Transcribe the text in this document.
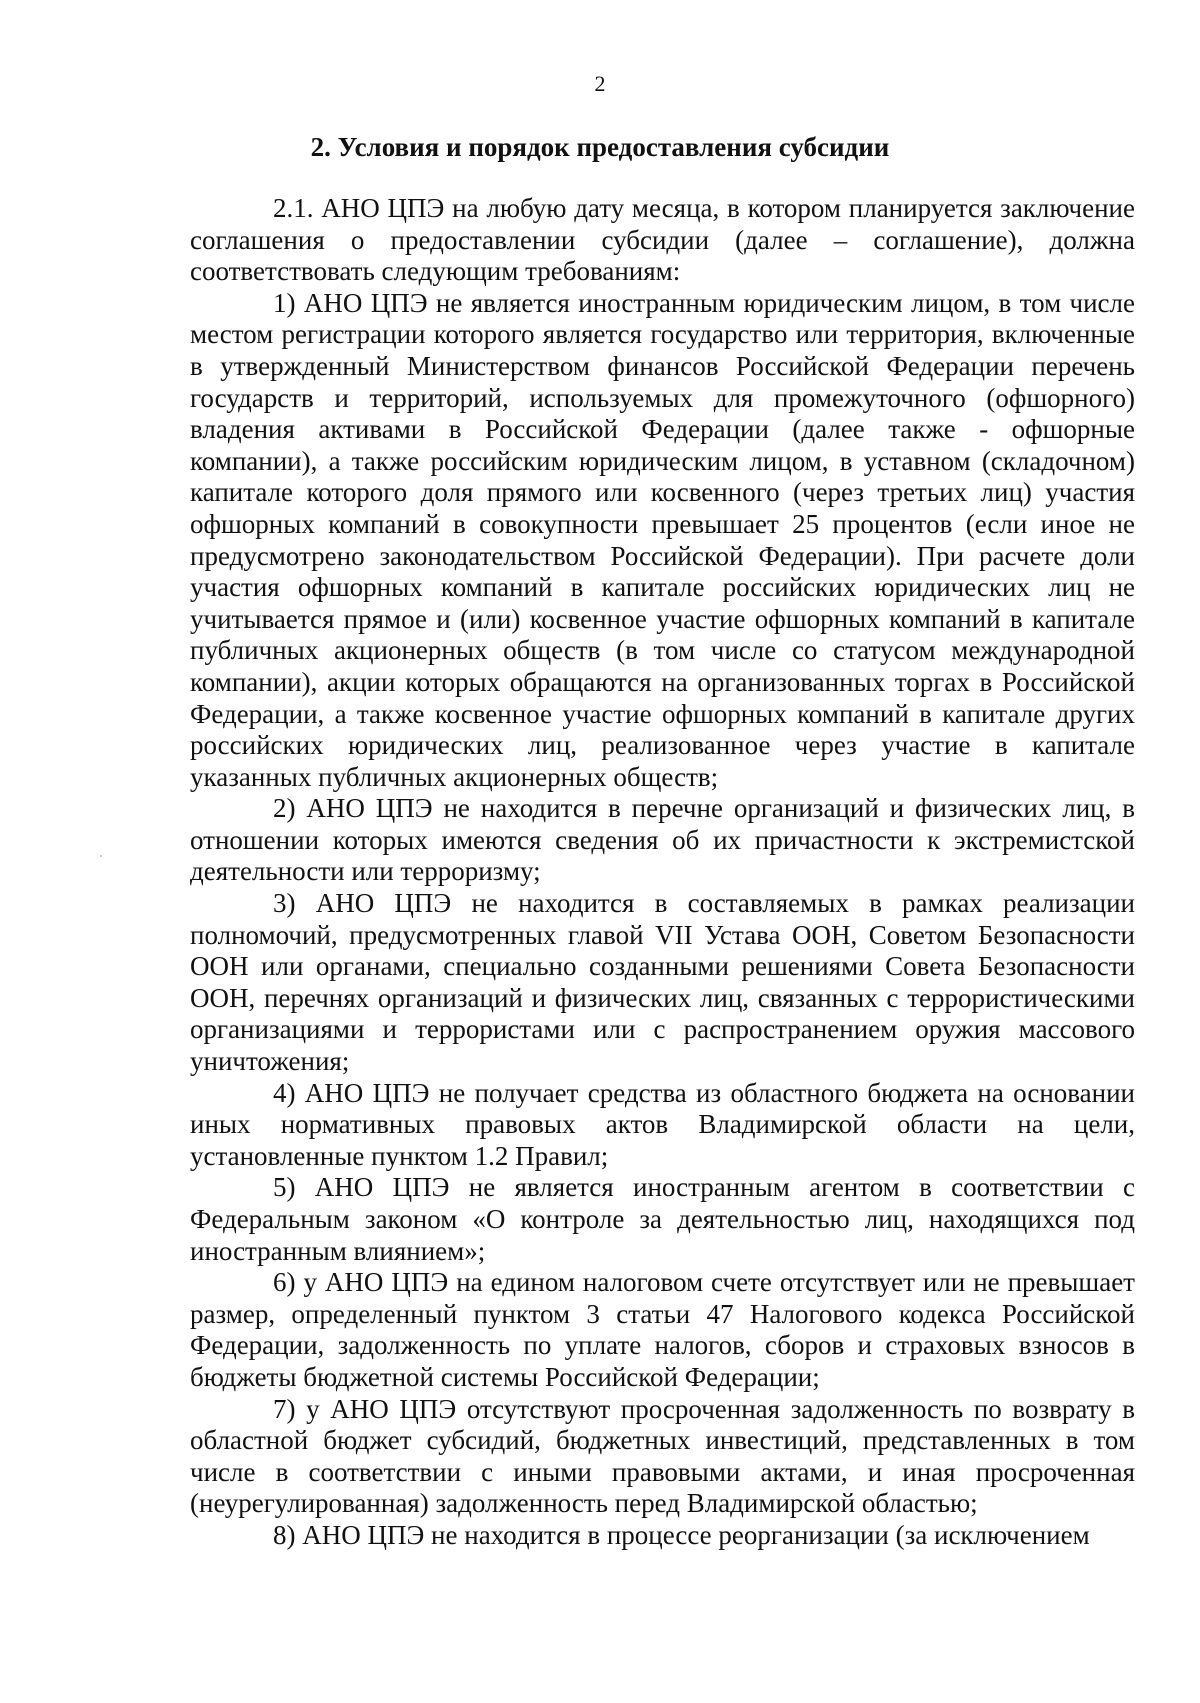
2
2. Условия и порядок предоставления субсидии

2.1. АНО ЦПЭ на любую дату месяца, в котором планируется заключение соглашения о предоставлении субсидии (далее – соглашение), должна соответствовать следующим требованиям:

1) АНО ЦПЭ не является иностранным юридическим лицом, в том числе местом регистрации которого является государство или территория, включенные в утвержденный Министерством финансов Российской Федерации перечень государств и территорий, используемых для промежуточного (офшорного) владения активами в Российской Федерации (далее также - офшорные компании), а также российским юридическим лицом, в уставном (складочном) капитале которого доля прямого или косвенного (через третьих лиц) участия офшорных компаний в совокупности превышает 25 процентов (если иное не предусмотрено законодательством Российской Федерации). При расчете доли участия офшорных компаний в капитале российских юридических лиц не учитывается прямое и (или) косвенное участие офшорных компаний в капитале публичных акционерных обществ (в том числе со статусом международной компании), акции которых обращаются на организованных торгах в Российской Федерации, а также косвенное участие офшорных компаний в капитале других российских юридических лиц, реализованное через участие в капитале указанных публичных акционерных обществ;

2) АНО ЦПЭ не находится в перечне организаций и физических лиц, в отношении которых имеются сведения об их причастности к экстремистской деятельности или терроризму;

3) АНО ЦПЭ не находится в составляемых в рамках реализации полномочий, предусмотренных главой VII Устава ООН, Советом Безопасности ООН или органами, специально созданными решениями Совета Безопасности ООН, перечнях организаций и физических лиц, связанных с террористическими организациями и террористами или с распространением оружия массового уничтожения;

4) АНО ЦПЭ не получает средства из областного бюджета на основании иных нормативных правовых актов Владимирской области на цели, установленные пунктом 1.2 Правил;

5) АНО ЦПЭ не является иностранным агентом в соответствии с Федеральным законом «О контроле за деятельностью лиц, находящихся под иностранным влиянием»;

6) у АНО ЦПЭ на едином налоговом счете отсутствует или не превышает размер, определенный пунктом 3 статьи 47 Налогового кодекса Российской Федерации, задолженность по уплате налогов, сборов и страховых взносов в бюджеты бюджетной системы Российской Федерации;

7) у АНО ЦПЭ отсутствуют просроченная задолженность по возврату в областной бюджет субсидий, бюджетных инвестиций, представленных в том числе в соответствии с иными правовыми актами, и иная просроченная (неурегулированная) задолженность перед Владимирской областью;

8) АНО ЦПЭ не находится в процессе реорганизации (за исключением
